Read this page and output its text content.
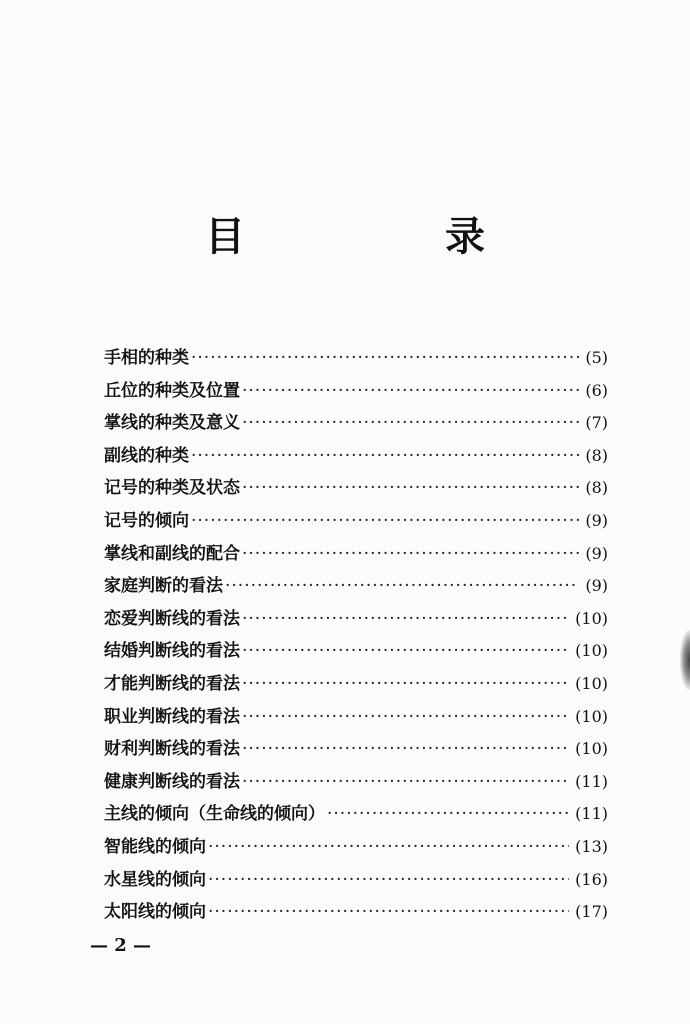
目　录
手相的种类 ·····	(5)
丘位的种类及位置 ·····	(6)
掌线的种类及意义 ·····	(7)
副线的种类 ·····	(8)
记号的种类及状态 ·····	(8)
记号的倾向 ·····	(9)
掌线和副线的配合 ·····	(9)
家庭判断的看法 ·····	(9)
恋爱判断线的看法 ·····	(10)
结婚判断线的看法 ·····	(10)
才能判断线的看法 ·····	(10)
职业判断线的看法 ·····	(10)
财利判断线的看法 ·····	(10)
健康判断线的看法 ·····	(11)
主线的倾向（生命线的倾向） ·····	(11)
智能线的倾向 ·····	(13)
水星线的倾向 ·····	(16)
太阳线的倾向 ·····	(17)
— 2 —
